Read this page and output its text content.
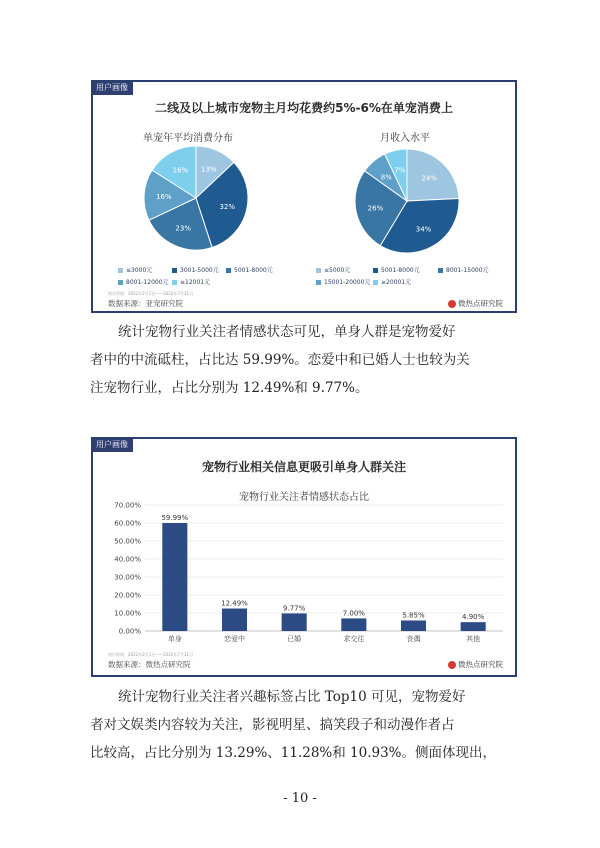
用户画像
二线及以上城市宠物主月均花费约5%-6%在单宠消费上
单宠年平均消费分布	月收入水平
13%
32%
23%
16%
16%
24%
34%
26%
8%
7%
≤3000元	3001-5000元	5001-8000元
8001-12000元	≥12001元
≤5000元	5001-8000元	8001-15000元
15001-20000元	≥20001元
统计时间：2022年2月1日——2022年7月31日
数据来源：亚宠研究院	微热点研究院

统计宠物行业关注者情感状态可见，单身人群是宠物爱好

者中的中流砥柱，占比达 59.99%。恋爱中和已婚人士也较为关

注宠物行业，占比分别为 12.49%和 9.77%。

用户画像
宠物行业相关信息更吸引单身人群关注
宠物行业关注者情感状态占比
0.00%
10.00%
20.00%
30.00%
40.00%
50.00%
60.00%
70.00%
59.99%
单身
12.49%
恋爱中
9.77%
已婚
7.00%
求交往
5.85%
丧偶
4.90%
其他
统计时间：2022年2月1日——2022年7月31日
数据来源：微热点研究院	微热点研究院

统计宠物行业关注者兴趣标签占比 Top10 可见，宠物爱好

者对文娱类内容较为关注，影视明星、搞笑段子和动漫作者占

比较高，占比分别为 13.29%、11.28%和 10.93%。侧面体现出，

- 10 -
